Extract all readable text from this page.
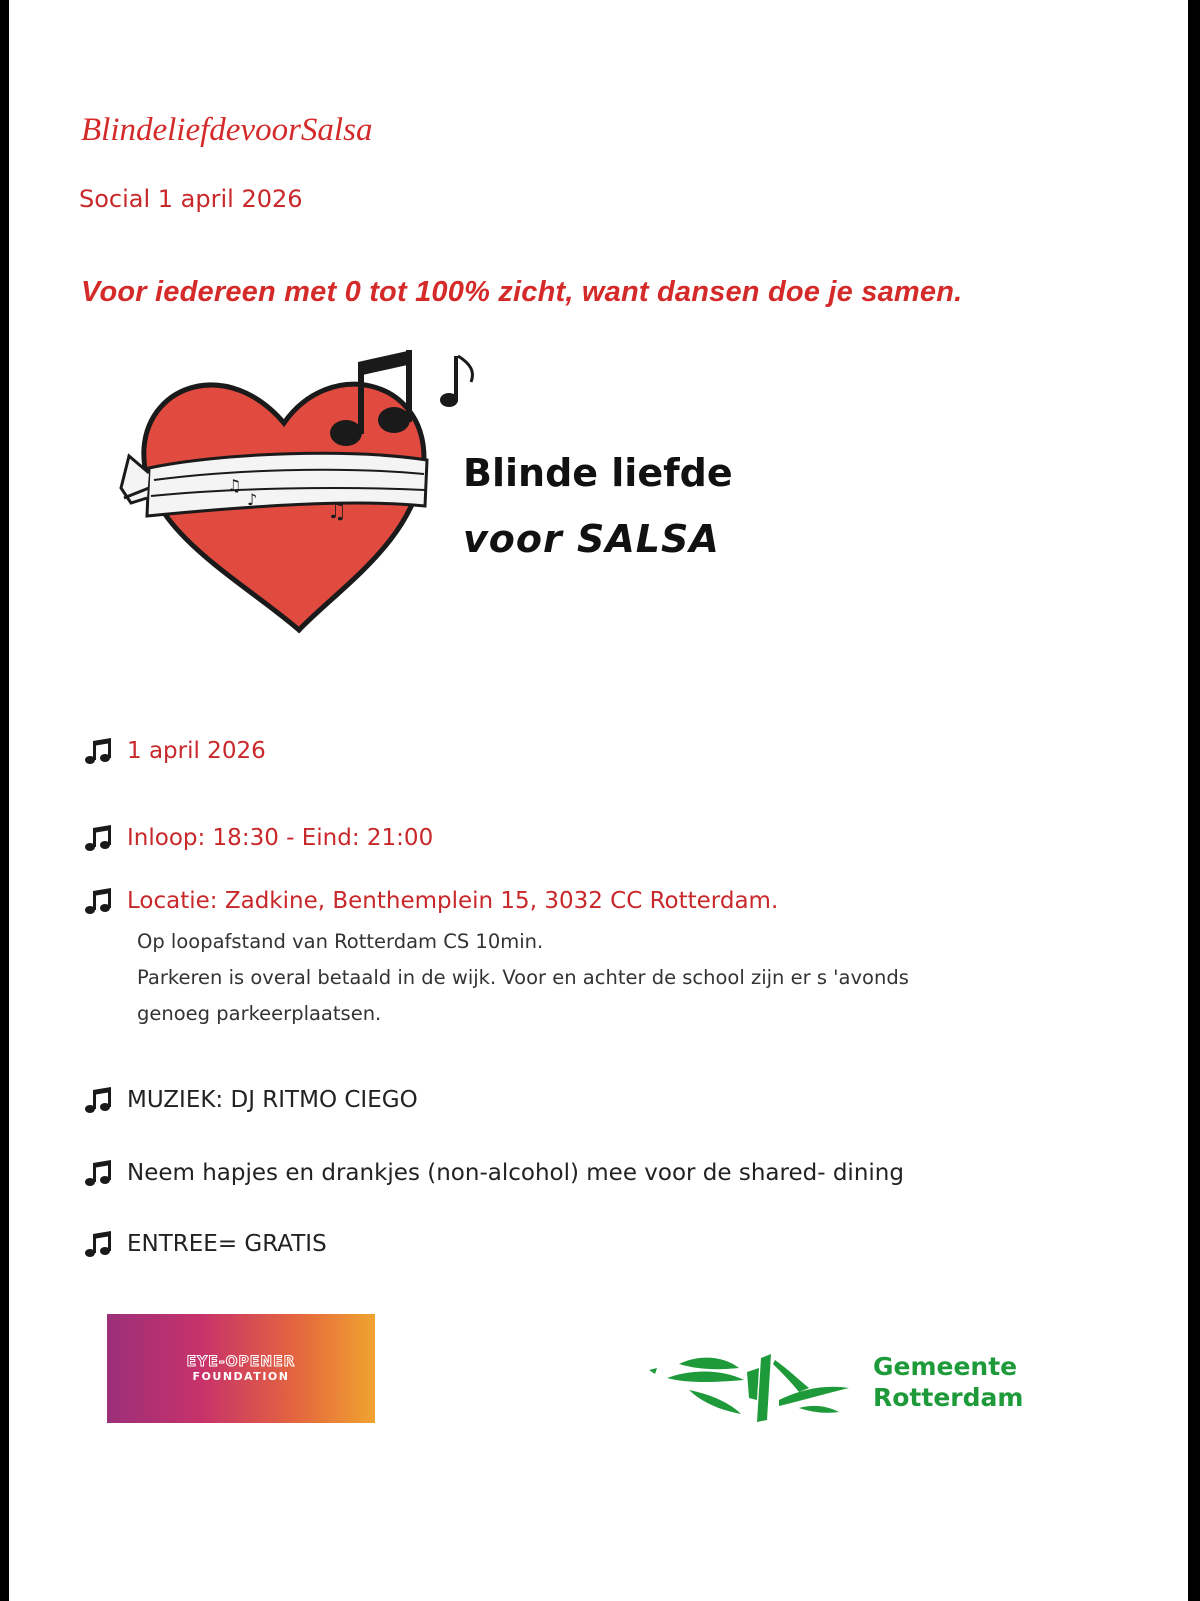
BlindeliefdevoorSalsa
Social 1 april 2026
Voor iedereen met 0 tot 100% zicht, want dansen doe je samen.
♫
♪	♫
Blinde liefde
voor SALSA
1 april 2026
Inloop: 18:30 - Eind: 21:00
Locatie : Zadkine, Benthemplein 15, 3032 CC Rotterdam.
Op loopafstand van Rotterdam CS 10min.
Parkeren is overal betaald in de wijk. Voor en achter de school zijn er s 'avonds
genoeg parkeerplaatsen.
MUZIEK: DJ RITMO CIEGO
Neem hapjes en drankjes (non-alcohol) mee voor de shared- dining
ENTREE= GRATIS
EYE-OPENER
FOUNDATION	Gemeente
Rotterdam
